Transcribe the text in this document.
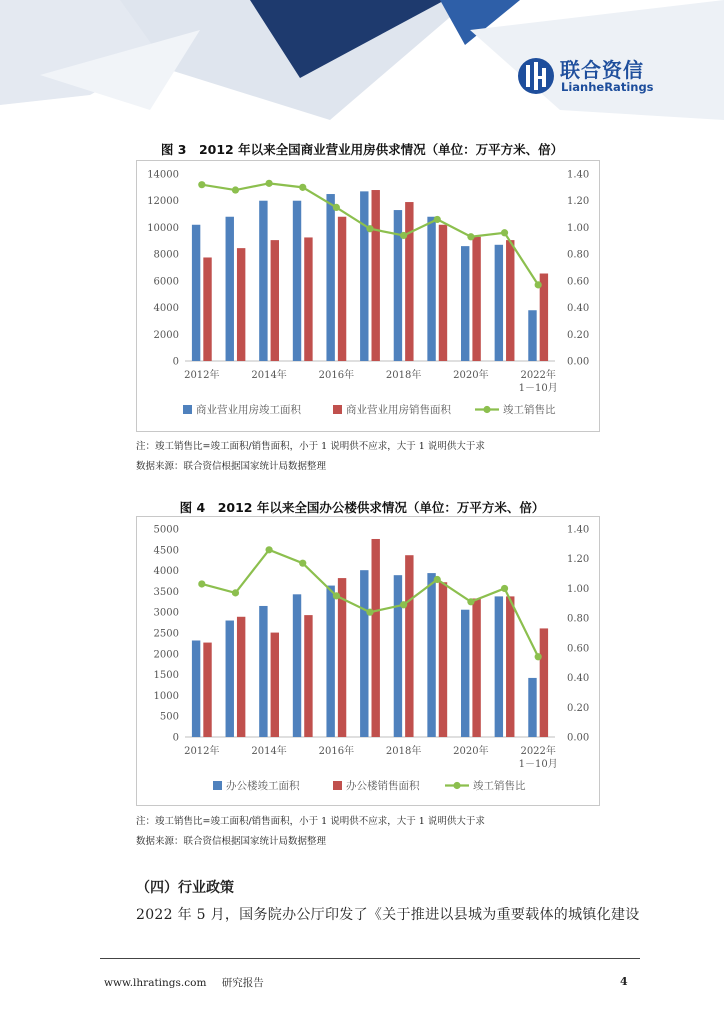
联合资信
LianheRatings
图 3　2012 年以来全国商业营业用房供求情况（单位：万平方米、倍）
0
2000
4000
6000
8000
10000
12000
14000
0.00
0.20
0.40
0.60
0.80
1.00
1.20
1.40
2012年	2014年	2016年	2018年	2020年	2022年
1－10月
商业营业用房竣工面积	商业营业用房销售面积	竣工销售比
注：竣工销售比=竣工面积/销售面积，小于 1 说明供不应求，大于 1 说明供大于求
数据来源：联合资信根据国家统计局数据整理
图 4　2012 年以来全国办公楼供求情况（单位：万平方米、倍）
0
500
1000
1500
2000
2500
3000
3500
4000
4500
5000
0.00
0.20
0.40
0.60
0.80
1.00
1.20
1.40
2012年	2014年	2016年	2018年	2020年	2022年
1－10月
办公楼竣工面积	办公楼销售面积	竣工销售比
注：竣工销售比=竣工面积/销售面积，小于 1 说明供不应求，大于 1 说明供大于求
数据来源：联合资信根据国家统计局数据整理
（四）行业政策
2022 年 5 月，国务院办公厅印发了《关于推进以县城为重要载体的城镇化建设
www.lhratings.com 研究报告	4
